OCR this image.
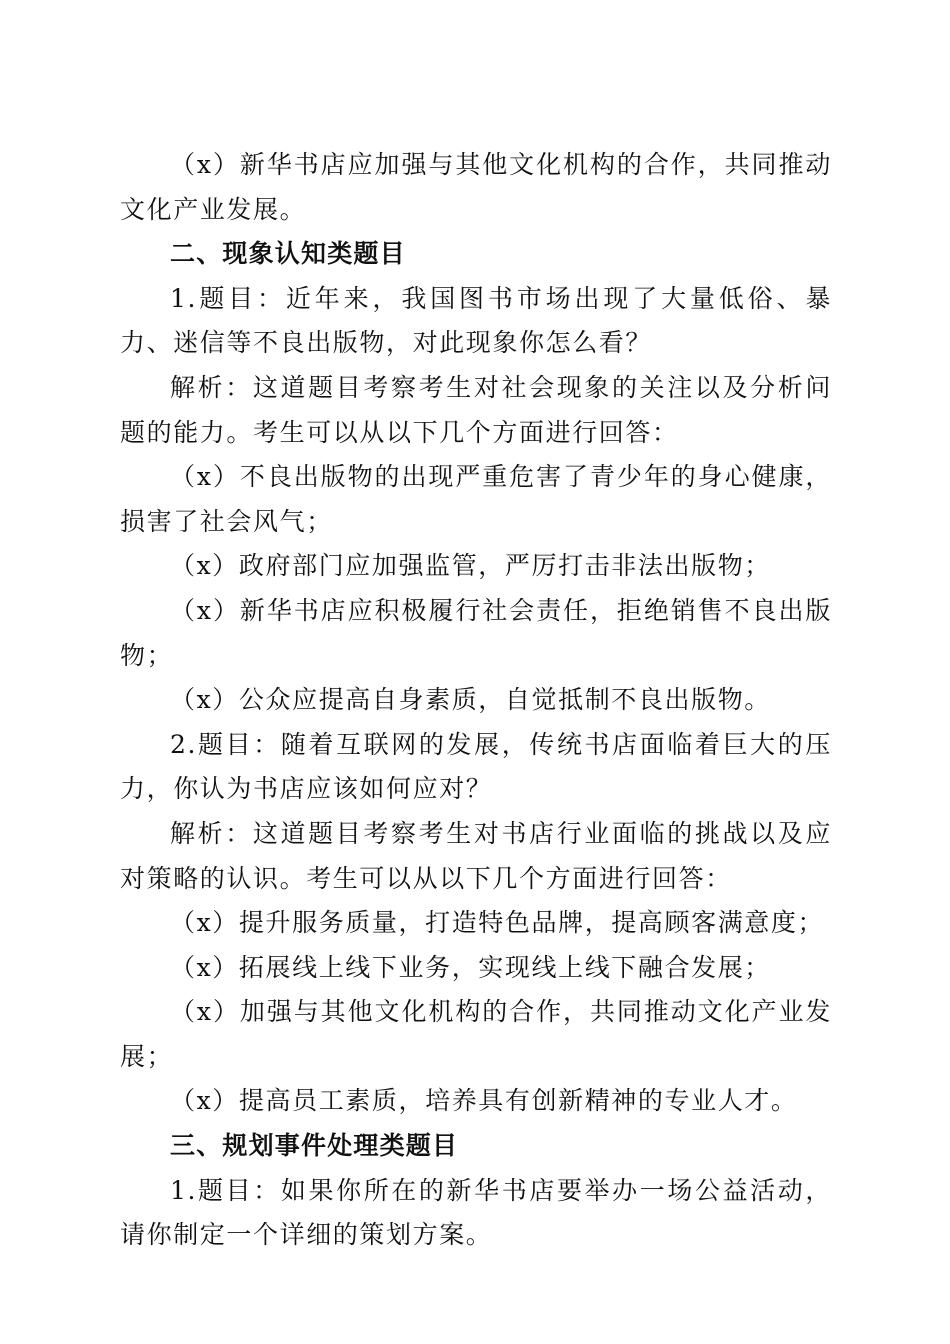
（x）新华书店应加强与其他文化机构的合作，共同推动文化产业发展。

二、现象认知类题目

1.题目：近年来，我国图书市场出现了大量低俗、暴力、迷信等不良出版物，对此现象你怎么看？

解析：这道题目考察考生对社会现象的关注以及分析问题的能力。考生可以从以下几个方面进行回答：

（x）不良出版物的出现严重危害了青少年的身心健康，损害了社会风气；

（x）政府部门应加强监管，严厉打击非法出版物；

（x）新华书店应积极履行社会责任，拒绝销售不良出版物；

（x）公众应提高自身素质，自觉抵制不良出版物。

2.题目：随着互联网的发展，传统书店面临着巨大的压力，你认为书店应该如何应对？

解析：这道题目考察考生对书店行业面临的挑战以及应对策略的认识。考生可以从以下几个方面进行回答：

（x）提升服务质量，打造特色品牌，提高顾客满意度；

（x）拓展线上线下业务，实现线上线下融合发展；

（x）加强与其他文化机构的合作，共同推动文化产业发展；

（x）提高员工素质，培养具有创新精神的专业人才。

三、规划事件处理类题目

1.题目：如果你所在的新华书店要举办一场公益活动，请你制定一个详细的策划方案。
